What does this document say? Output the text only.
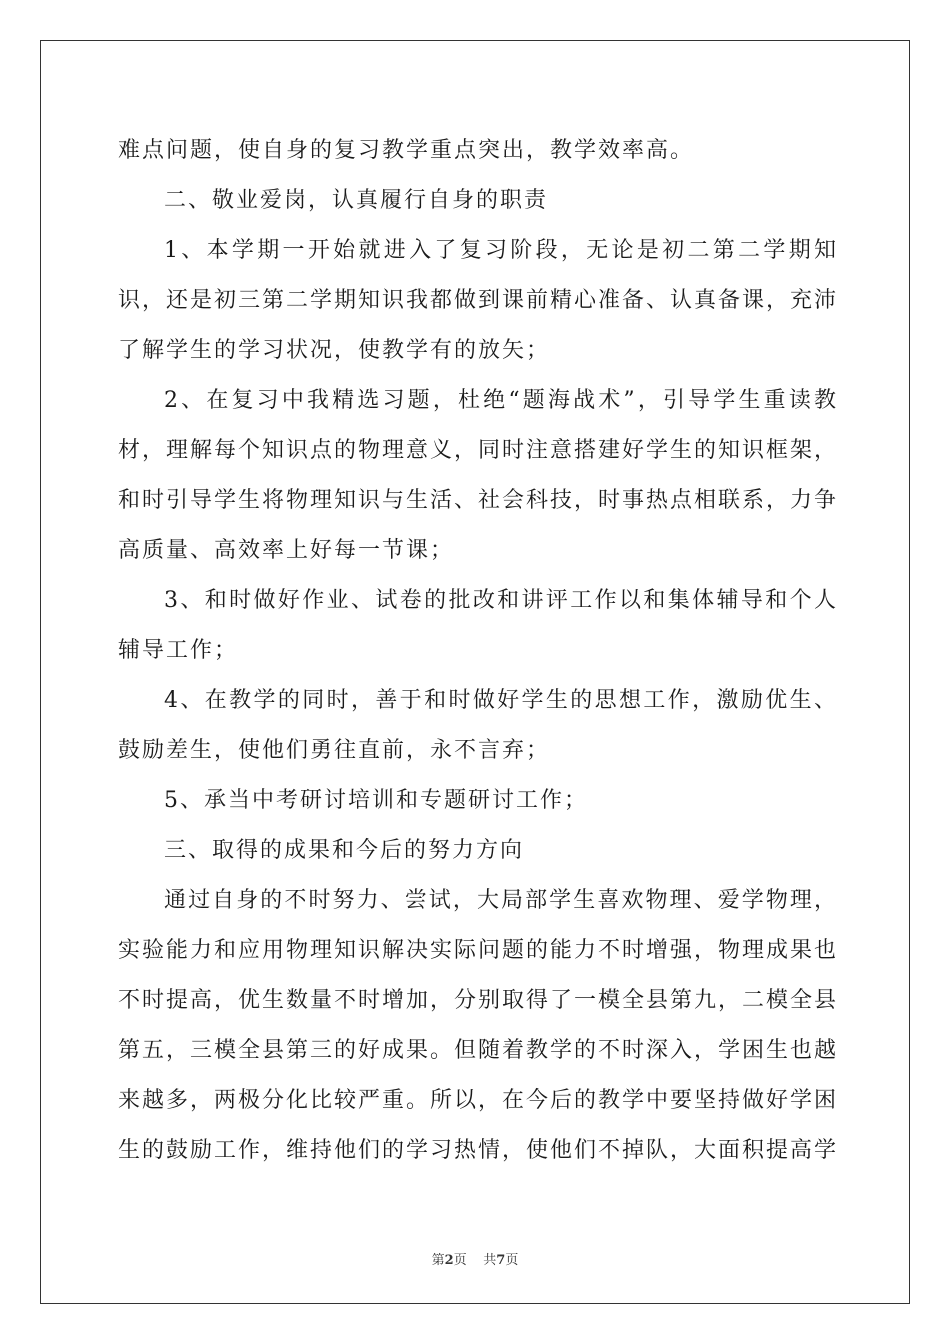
难点问题，使自身的复习教学重点突出，教学效率高。

二、敬业爱岗，认真履行自身的职责

1、本学期一开始就进入了复习阶段，无论是初二第二学期知识，还是初三第二学期知识我都做到课前精心准备、认真备课，充沛了解学生的学习状况，使教学有的放矢；

2、在复习中我精选习题，杜绝“题海战术”，引导学生重读教材，理解每个知识点的物理意义，同时注意搭建好学生的知识框架，和时引导学生将物理知识与生活、社会科技，时事热点相联系，力争高质量、高效率上好每一节课；

3、和时做好作业、试卷的批改和讲评工作以和集体辅导和个人辅导工作；

4、在教学的同时，善于和时做好学生的思想工作，激励优生、鼓励差生，使他们勇往直前，永不言弃；

5、承当中考研讨培训和专题研讨工作；

三、取得的成果和今后的努力方向

通过自身的不时努力、尝试，大局部学生喜欢物理、爱学物理，实验能力和应用物理知识解决实际问题的能力不时增强，物理成果也不时提高，优生数量不时增加，分别取得了一模全县第九，二模全县第五，三模全县第三的好成果。但随着教学的不时深入，学困生也越来越多，两极分化比较严重。所以，在今后的教学中要坚持做好学困生的鼓励工作，维持他们的学习热情，使他们不掉队，大面积提高学

第2页 共7页
